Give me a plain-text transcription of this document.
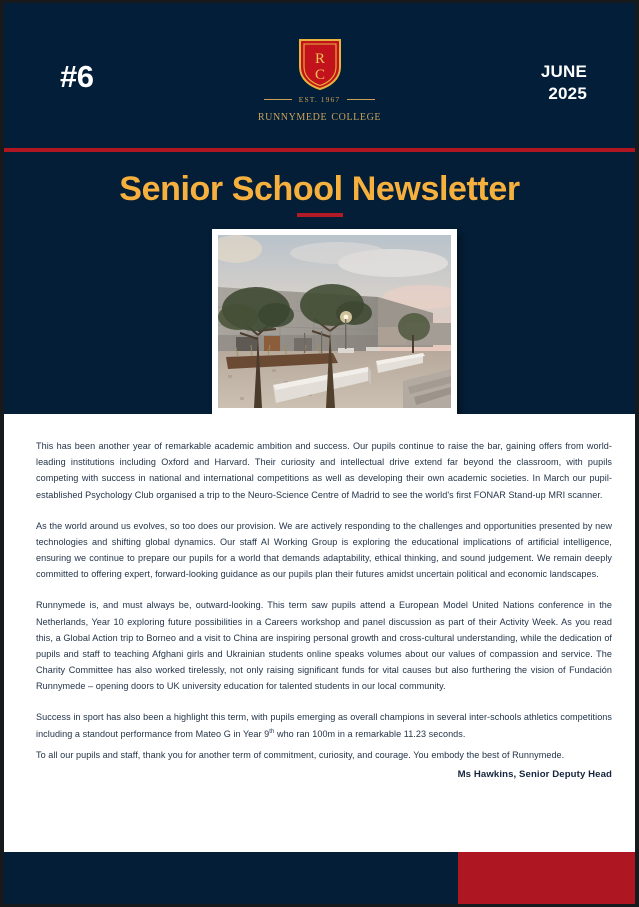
#6	R
C
EST. 1967
runnymede college
JUNE
2025
Senior School Newsletter

This has been another year of remarkable academic ambition and success. Our pupils continue to raise the bar, gaining offers from world-leading institutions including Oxford and Harvard. Their curiosity and intellectual drive extend far beyond the classroom, with pupils competing with success in national and international competitions as well as developing their own academic societies. In March our pupil-established Psychology Club organised a trip to the Neuro-Science Centre of Madrid to see the world's first FONAR Stand-up MRI scanner.

As the world around us evolves, so too does our provision. We are actively responding to the challenges and opportunities presented by new technologies and shifting global dynamics. Our staff AI Working Group is exploring the educational implications of artificial intelligence, ensuring we continue to prepare our pupils for a world that demands adaptability, ethical thinking, and sound judgement. We remain deeply committed to offering expert, forward-looking guidance as our pupils plan their futures amidst uncertain political and economic landscapes.

Runnymede is, and must always be, outward-looking. This term saw pupils attend a European Model United Nations conference in the Netherlands, Year 10 exploring future possibilities in a Careers workshop and panel discussion as part of their Activity Week. As you read this, a Global Action trip to Borneo and a visit to China are inspiring personal growth and cross-cultural understanding, while the dedication of pupils and staff to teaching Afghani girls and Ukrainian students online speaks volumes about our values of compassion and service. The Charity Committee has also worked tirelessly, not only raising significant funds for vital causes but also furthering the vision of Fundación Runnymede – opening doors to UK university education for talented students in our local community.

Success in sport has also been a highlight this term, with pupils emerging as overall champions in several inter-schools athletics competitions including a standout performance from Mateo G in Year 9th who ran 100m in a remarkable 11.23 seconds.

To all our pupils and staff, thank you for another term of commitment, curiosity, and courage. You embody the best of Runnymede.

Ms Hawkins, Senior Deputy Head
